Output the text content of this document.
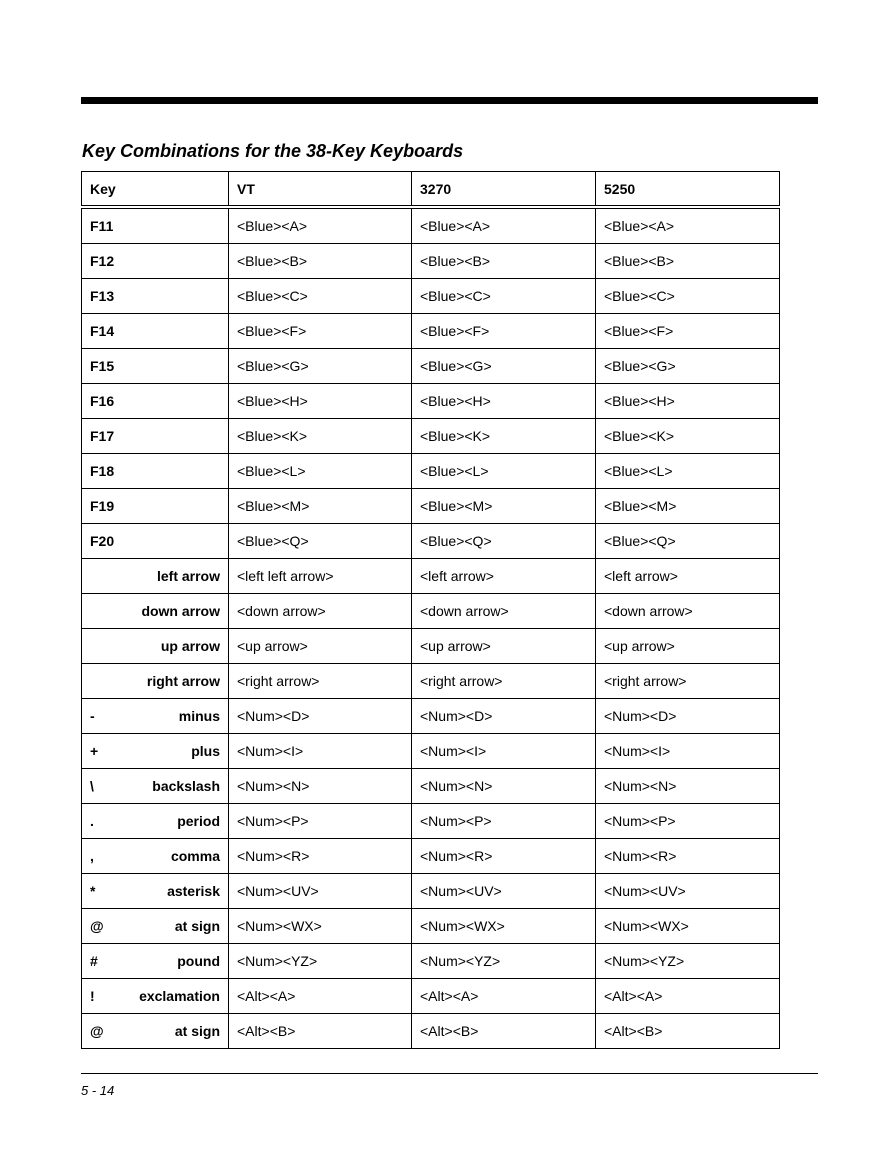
Key Combinations for the 38-Key Keyboards
Key	VT	3270	5250

F11	<Blue><A>	<Blue><A>	<Blue><A>

F12	<Blue><B>	<Blue><B>	<Blue><B>

F13	<Blue><C>	<Blue><C>	<Blue><C>

F14	<Blue><F>	<Blue><F>	<Blue><F>

F15	<Blue><G>	<Blue><G>	<Blue><G>

F16	<Blue><H>	<Blue><H>	<Blue><H>

F17	<Blue><K>	<Blue><K>	<Blue><K>

F18	<Blue><L>	<Blue><L>	<Blue><L>

F19	<Blue><M>	<Blue><M>	<Blue><M>

F20	<Blue><Q>	<Blue><Q>	<Blue><Q>

left arrow	<left left arrow>	<left arrow>	<left arrow>

down arrow	<down arrow>	<down arrow>	<down arrow>

up arrow	<up arrow>	<up arrow>	<up arrow>

right arrow	<right arrow>	<right arrow>	<right arrow>

- minus	<Num><D>	<Num><D>	<Num><D>

+ plus	<Num><I>	<Num><I>	<Num><I>

\ backslash	<Num><N>	<Num><N>	<Num><N>

. period	<Num><P>	<Num><P>	<Num><P>

, comma	<Num><R>	<Num><R>	<Num><R>

* asterisk	<Num><UV>	<Num><UV>	<Num><UV>

@ at sign	<Num><WX>	<Num><WX>	<Num><WX>

# pound	<Num><YZ>	<Num><YZ>	<Num><YZ>

! exclamation	<Alt><A>	<Alt><A>	<Alt><A>

@ at sign	<Alt><B>	<Alt><B>	<Alt><B>
5 - 14
